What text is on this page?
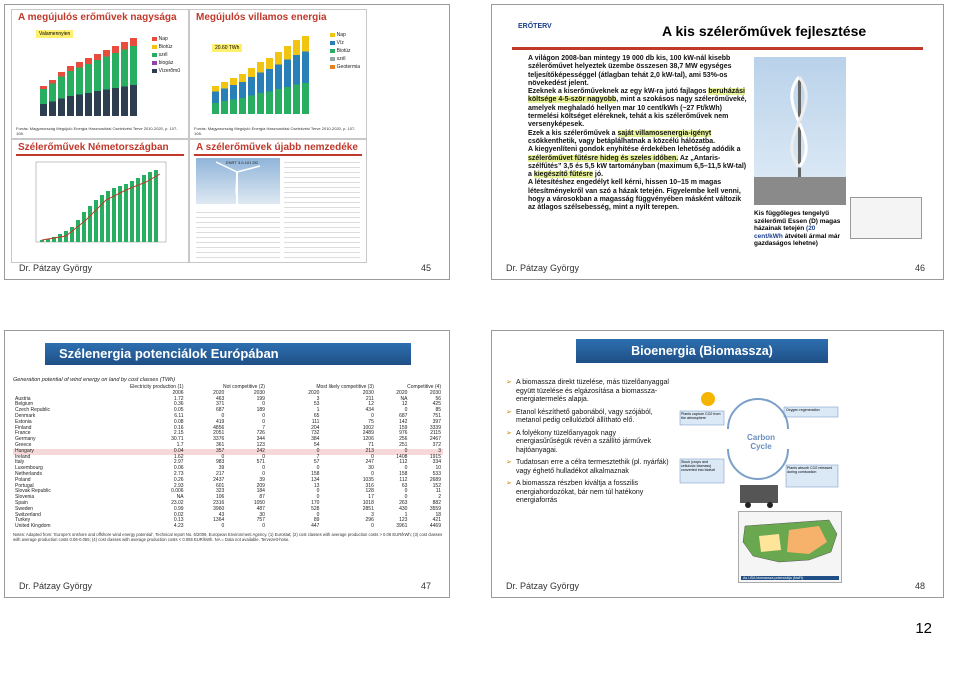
A megújulós erőművek nagysága
Valamennyien
Nap
Biotüz
szél
biogáz
Vízerőmű
Forrás: Magyarország Megújuló Energia Hasznosítási Cselekvési Terve 2010-2020, p. 107-108.
Megújulós villamos energia
20.60 TWh
Nap
Víz
Biotüz
szél
Geotermia
Forrás: Magyarország Megújuló Energia Hasznosítási Cselekvési Terve 2010-2020, p. 107-108.
Szélerőművek Németországban	A szélerőművek újabb nemzedéke
ENRT 3.0-101 DD
Dr. Pátzay György	45
ERŐTERV	A kis szélerőművek fejlesztése
A világon 2008-ban mintegy 19 000 db kis, 100 kW-nál kisebb szélerőművet helyeztek üzembe összesen 38,7 MW egységes teljesítőképességgel (átlagban tehát 2,0 kW-tal), ami 53%-os növekedést jelent.
Ezeknek a kiserőműveknek az egy kW-ra jutó fajlagos beruházási költsége 4-5-ször nagyobb, mint a szokásos nagy szélerőműveké, amelyek meghaladó hellyen mar 10 cent/kWh (~27 Ft/kWh) termelési költséget eléreknek, tehát a kis szélerőművek nem versenyképesek.
Ezek a kis szélerőművek a saját villamosenergia-igényt csökkenthetik, vagy betáplálhatnak a közcélú hálózatba.
A kiegyenlíteni gondok enyhítése érdekében lehetőség adódik a szélerőművet fűtésre hideg és szeles időben. Az „Antaris-szélfűtés” 3,5 és 5,5 kW tartományban (maximum 6,5–11,5 kW-tal) a kiegészítő fűtésre jó.
A létesítéshez engedélyt kell kérni, hissen 10–15 m magas létesítményekről van szó a házak tetején. Figyelembe kell venni, hogy a városokban a magasság függvényében másként változik az átlagos szélsebesség, mint a nyílt terepen.
Kis függőleges tengelyű szélerőmű Essen (D) magas házainak tetején (20 cent/kWh átvételi ármal már gazdaságos lehetne)
Dr. Pátzay György	46
Szélenergia potenciálok Európában
Generation potential of wind energy on land by cost classes (TWh)
	Electricity production (1)	Not competitive (2)		Most likely competitive (3)		Competitive (4)	
	2006	2020	2030	2020	2030	2020	2030
Austria	1.72	463	199	3	211	NA	56
Belgium	0.36	371	0	53	12	12	425
Czech Republic	0.05	687	189	1	434	0	85
Denmark	6.11	0	0	65	0	687	751
Estonia	0.08	419	0	111	75	142	397
Finland	0.16	4856	7	204	1002	159	3339
France	2.15	2051	726	732	2489	976	2115
Germany	30.71	3376	344	384	1206	256	2467
Greece	1.7	361	123	54	71	251	372
Hungary	0.04	357	242	0	213	0	3
Ireland	1.62	0	0	7	0	1408	1915
Italy	2.97	983	571	57	247	112	334
Luxembourg	0.06	39	0	0	30	0	10
Netherlands	2.73	217	0	158	0	158	533
Poland	0.26	2437	39	134	1035	112	2689
Portugal	2.93	601	209	13	316	63	152
Slovak Republic	0.006	323	184	0	128	0	11
Slovenia	NA	106	87	0	17	0	2
Spain	23.02	2316	1050	170	1018	263	882
Sweden	0.99	3960	487	528	2851	430	3559
Switzerland	0.02	43	30	0	3	1	18
Turkey	0.13	1364	757	89	296	123	421
United Kingdom	4.23	0	0	447	0	3961	4469
Notes: Adapted from: 'Europe's onshore and offshore wind energy potential', Technical report No. 6/2009, European Environment Agency. (1) Eurostat; (2) cost classes with average production costs > 0.06 EUR/kWh; (3) cost classes with average production costs 0.06-0.055; (4) cost classes with average production costs < 0.055 EUR/kWh. NA = Data not available. Tervezett-hose.
Dr. Pátzay György	47
Bioenergia (Biomassza)
➢ A biomassza direkt tüzelése, más tüzelőanyaggal együtt tüzelése és elgázosítása a biomassza-energiatermelés alapja.
➢ Etanol készíthető gabonából, vagy szójából, metanol pedig cellulózból állítható elő.
➢ A folyékony tüzelőanyagok nagy energiasűrűségük révén a szállító járművek hajtóanyagai.
➢ Tudatosan erre a célra termesztethik (pl. nyárfák) vagy éghető hulladékot alkalmaznak
➢ A biomassza részben kiváltja a fosszilis energiahordozókat, bár nem túl hatékony energiaforrás
Plants capture CO2 from the atmosphere
Oxygen regeneration
Carbon Cycle
Stock (crops and cellulosic biomass) converted into biofuel	Plants absorb CO2 released during combustion
As USA biomassza potenciálja (MaFt)
Dr. Pátzay György	48
12
